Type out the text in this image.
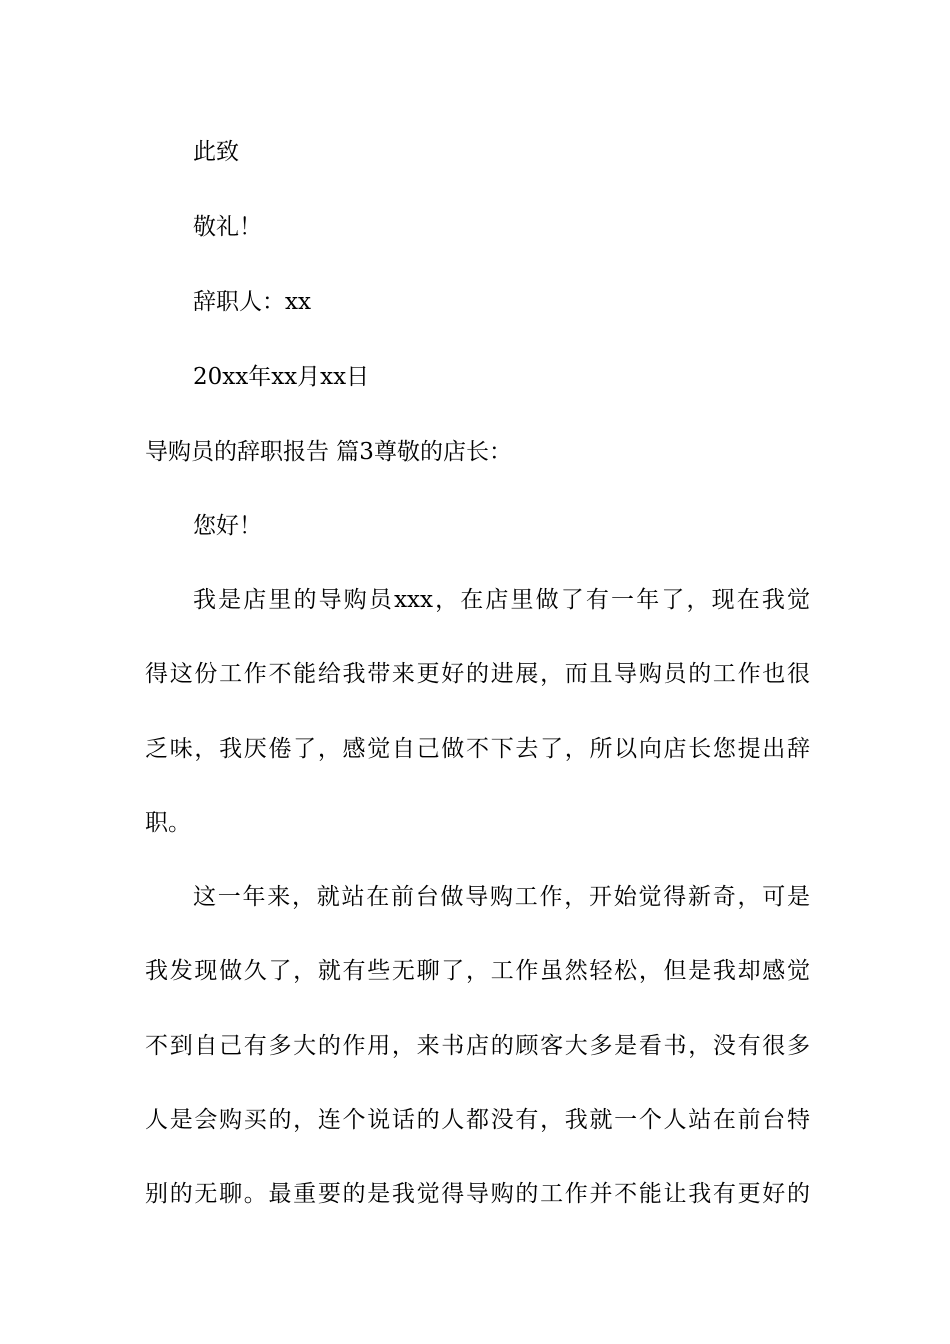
此致
敬礼！
辞职人：xx
20xx年xx月xx日
导购员的辞职报告 篇3尊敬的店长：
您好！
我是店里的导购员xxx，在店里做了有一年了，现在我觉
得这份工作不能给我带来更好的进展，而且导购员的工作也很
乏味，我厌倦了，感觉自己做不下去了，所以向店长您提出辞
职。
这一年来，就站在前台做导购工作，开始觉得新奇，可是
我发现做久了，就有些无聊了，工作虽然轻松，但是我却感觉
不到自己有多大的作用，来书店的顾客大多是看书，没有很多
人是会购买的，连个说话的人都没有，我就一个人站在前台特
别的无聊。最重要的是我觉得导购的工作并不能让我有更好的
